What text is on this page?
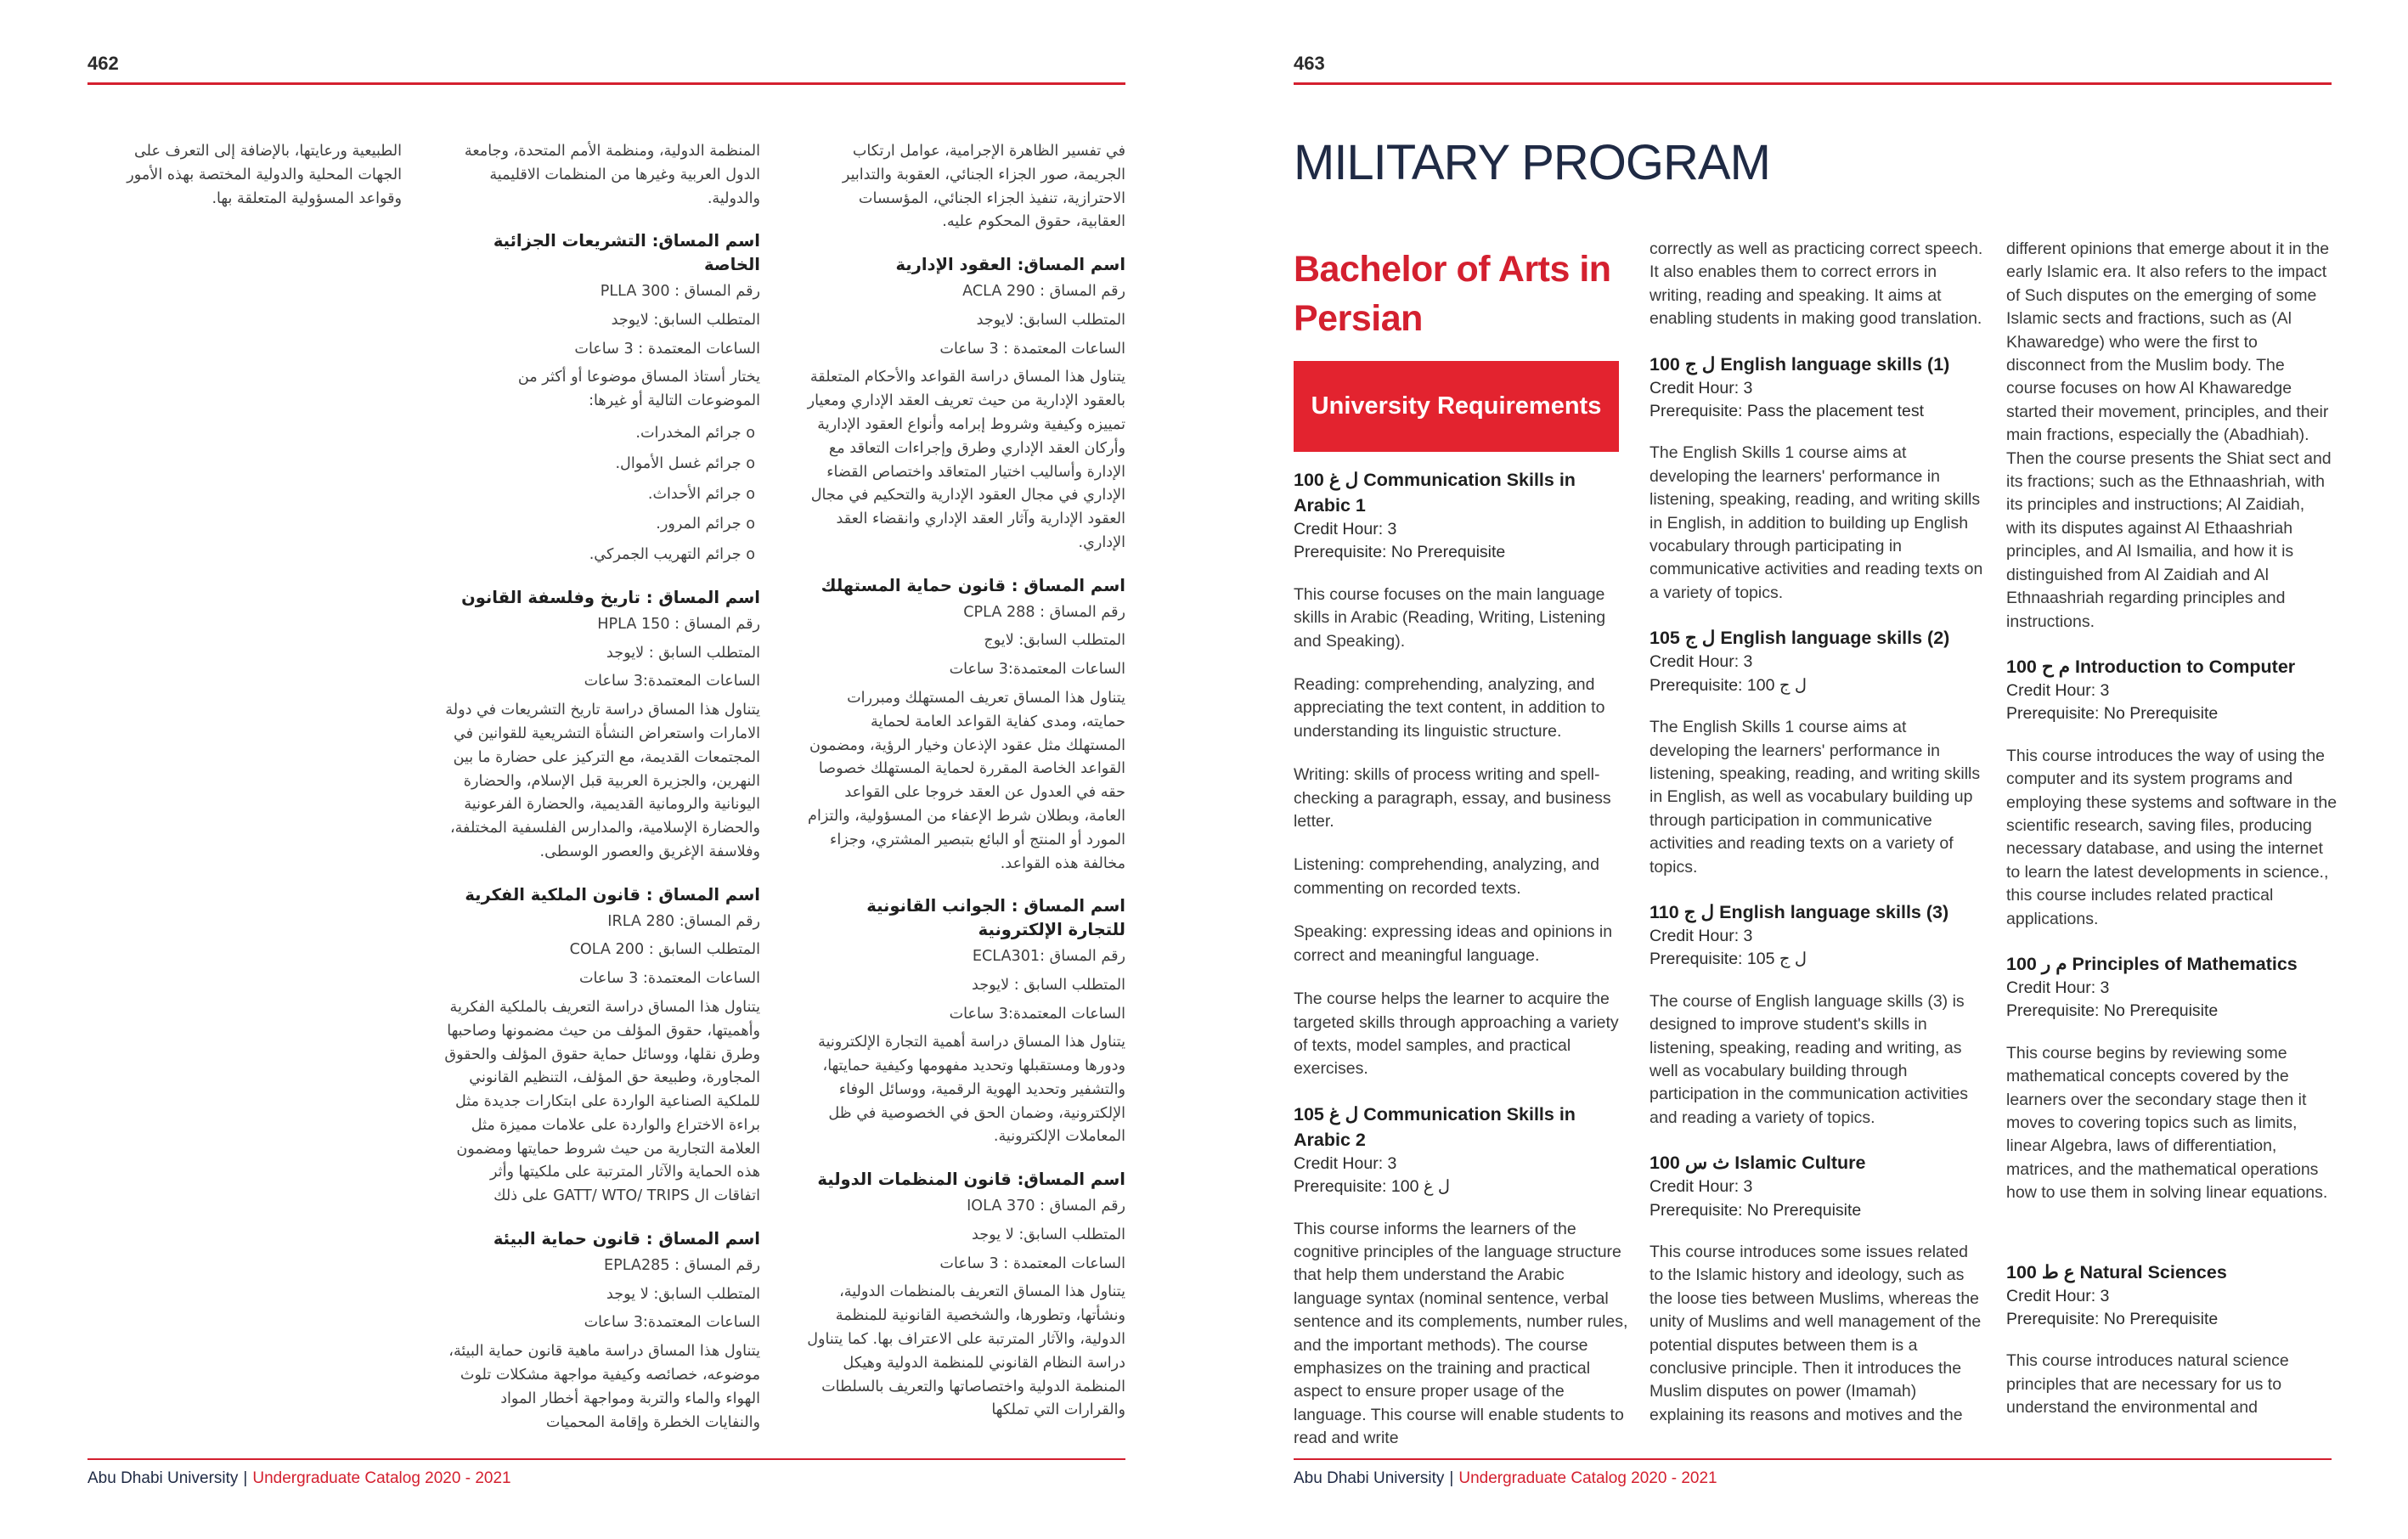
462

في تفسير الظاهرة الإجرامية، عوامل ارتكاب الجريمة، صور الجزاء الجنائي، العقوبة والتدابير الاحترازية، تنفيذ الجزاء الجنائي، المؤسسات العقابية، حقوق المحكوم عليه.

اسم المساق: العقود الإدارية

رقم المساق : ACLA 290

المتطلب السابق: لايوجد

الساعات المعتمدة : 3 ساعات

يتناول هذا المساق دراسة القواعد والأحكام المتعلقة بالعقود الإدارية من حيث تعريف العقد الإداري ومعيار تمييزه وكيفية وشروط إبرامه وأنواع العقود الإدارية وأركان العقد الإداري وطرق وإجراءات التعاقد مع الإدارة وأساليب اختيار المتعاقد واختصاص القضاء الإداري في مجال العقود الإدارية والتحكيم في مجال العقود الإدارية وآثار العقد الإداري وانقضاء العقد الإداري.

اسم المساق : قانون حماية المستهلك

رقم المساق : CPLA 288

المتطلب السابق: لايوج

الساعات المعتمدة:3 ساعات

يتناول هذا المساق تعريف المستهلك ومبررات حمايته، ومدى كفاية القواعد العامة لحماية المستهلك مثل عقود الإذعان وخيار الرؤية، ومضمون القواعد الخاصة المقررة لحماية المستهلك خصوصا حقه في العدول عن العقد خروجا على القواعد العامة، وبطلان شرط الإعفاء من المسؤولية، والتزام المورد أو المنتج أو البائع بتبصير المشتري، وجزاء مخالفة هذه القواعد.

اسم المساق : الجوانب القانونية للتجارة الإلكترونية

رقم المساق :ECLA301

المتطلب السابق : لايوجد

الساعات المعتمدة:3 ساعات

يتناول هذا المساق دراسة أهمية التجارة الإلكترونية ودورها ومستقبلها وتحديد مفهومها وكيفية حمايتها، والتشفير وتحديد الهوية الرقمية، ووسائل الوفاء الإلكترونية، وضمان الحق في الخصوصية في ظل المعاملات الإلكترونية.

اسم المساق: قانون المنظمات الدولية

رقم المساق : IOLA 370

المتطلب السابق: لا يوجد

الساعات المعتمدة : 3 ساعات

يتناول هذا المساق التعريف بالمنظمات الدولية، ونشأتها، وتطورها، والشخصية القانونية للمنظمة الدولية، والآثار المترتبة على الاعتراف بها. كما يتناول دراسة النظام القانوني للمنظمة الدولية وهيكل المنظمة الدولية واختصاصاتها والتعريف بالسلطات والقرارات التي تملكها

المنظمة الدولية، ومنظمة الأمم المتحدة، وجامعة الدول العربية وغيرها من المنظمات الاقليمية والدولية.

اسم المساق: التشريعات الجزائية الخاصة

رقم المساق : PLLA 300

المتطلب السابق: لايوجد

الساعات المعتمدة : 3 ساعات

يختار أستاذ المساق موضوعا أو أكثر من الموضوعات التالية أو غيرها:

o جرائم المخدرات.

o جرائم غسل الأموال.

o جرائم الأحداث.

o جرائم المرور.

o جرائم التهريب الجمركي.

اسم المساق : تاريخ وفلسفة القانون

رقم المساق : HPLA 150

المتطلب السابق : لايوجد

الساعات المعتمدة:3 ساعات

يتناول هذا المساق دراسة تاريخ التشريعات في دولة الامارات واستعراض النشأة التشريعية للقوانين في المجتمعات القديمة، مع التركيز على حضارة ما بين النهرين، والجزيرة العربية قبل الإسلام، والحضارة اليونانية والرومانية القديمية، والحضارة الفرعونية والحضارة الإسلامية، والمدارس الفلسفية المختلفة، وفلاسفة الإغريق والعصور الوسطى.

اسم المساق : قانون الملكية الفكرية

رقم المساق: IRLA 280

المتطلب السابق : COLA 200

الساعات المعتمدة: 3 ساعات

يتناول هذا المساق دراسة التعريف بالملكية الفكرية وأهميتها، حقوق المؤلف من حيث مضمونها وصاحبها وطرق نقلها، ووسائل حماية حقوق المؤلف والحقوق المجاورة، وطبيعة حق المؤلف، التنظيم القانوني للملكية الصناعية الواردة على ابتكارات جديدة مثل براءة الاختراع والواردة على علامات مميزة مثل العلامة التجارية من حيث شروط حمايتها ومضمون هذه الحماية والآثار المترتبة على ملكيتها وأثر اتفاقات ال GATT/ WTO/ TRIPS على ذلك

اسم المساق : قانون حماية البيئة

رقم المساق : EPLA285

المتطلب السابق: لا يوجد

الساعات المعتمدة:3 ساعات

يتناول هذا المساق دراسة ماهية قانون حماية البيئة، موضوعه، خصائصه وكيفية مواجهة مشكلات تلوث الهواء والماء والتربة ومواجهة أخطار المواد والنفايات الخطرة وإقامة المحميات

الطبيعية ورعايتها، بالإضافة إلى التعرف على الجهات المحلية والدولية المختصة بهذه الأمور وقواعد المسؤولية المتعلقة بها.

Abu Dhabi University | Undergraduate Catalog 2020 - 2021
463
MILITARY PROGRAM
Bachelor of Arts in Persian
University Requirements

100 ل غ Communication Skills in Arabic 1

Credit Hour: 3

Prerequisite: No Prerequisite

This course focuses on the main language skills in Arabic (Reading, Writing, Listening and Speaking).

Reading: comprehending, analyzing, and appreciating the text content, in addition to understanding its linguistic structure.

Writing: skills of process writing and spell-checking a paragraph, essay, and business letter.

Listening: comprehending, analyzing, and commenting on recorded texts.

Speaking: expressing ideas and opinions in correct and meaningful language.

The course helps the learner to acquire the targeted skills through approaching a variety of texts, model samples, and practical exercises.

105 ل غ Communication Skills in Arabic 2

Credit Hour: 3

Prerequisite: 100 ل غ

This course informs the learners of the cognitive principles of the language structure that help them understand the Arabic language syntax (nominal sentence, verbal sentence and its complements, number rules, and the important methods). The course emphasizes on the training and practical aspect to ensure proper usage of the language. This course will enable students to read and write

correctly as well as practicing correct speech. It also enables them to correct errors in writing, reading and speaking. It aims at enabling students in making good translation.

100 ل ج English language skills (1)

Credit Hour: 3

Prerequisite: Pass the placement test

The English Skills 1 course aims at developing the learners' performance in listening, speaking, reading, and writing skills in English, in addition to building up English vocabulary through participating in communicative activities and reading texts on a variety of topics.

105 ل ج English language skills (2)

Credit Hour: 3

Prerequisite: 100 ل ج

The English Skills 1 course aims at developing the learners' performance in listening, speaking, reading, and writing skills in English, as well as vocabulary building up through participation in communicative activities and reading texts on a variety of topics.

110 ل ج English language skills (3)

Credit Hour: 3

Prerequisite: 105 ل ج

The course of English language skills (3) is designed to improve student's skills in listening, speaking, reading and writing, as well as vocabulary building through participation in the communication activities and reading a variety of topics.

100 ث س Islamic Culture

Credit Hour: 3

Prerequisite: No Prerequisite

This course introduces some issues related to the Islamic history and ideology, such as the loose ties between Muslims, whereas the unity of Muslims and well management of the potential disputes between them is a conclusive principle. Then it introduces the Muslim disputes on power (Imamah) explaining its reasons and motives and the

different opinions that emerge about it in the early Islamic era. It also refers to the impact of Such disputes on the emerging of some Islamic sects and fractions, such as (Al Khawaredge) who were the first to disconnect from the Muslim body. The course focuses on how Al Khawaredge started their movement, principles, and their main fractions, especially the (Abadhiah). Then the course presents the Shiat sect and its fractions; such as the Ethnaashriah, with its principles and instructions; Al Zaidiah, with its disputes against Al Ethaashriah principles, and Al Ismailia, and how it is distinguished from Al Zaidiah and Al Ethnaashriah regarding principles and instructions.

100 م ح Introduction to Computer

Credit Hour: 3

Prerequisite: No Prerequisite

This course introduces the way of using the computer and its system programs and employing these systems and software in the scientific research, saving files, producing necessary database, and using the internet to learn the latest developments in science., this course includes related practical applications.

100 م ر Principles of Mathematics

Credit Hour: 3

Prerequisite: No Prerequisite

This course begins by reviewing some mathematical concepts covered by the learners over the secondary stage then it moves to covering topics such as limits, linear Algebra, laws of differentiation, matrices, and the mathematical operations how to use them in solving linear equations.

100 ع ط Natural Sciences

Credit Hour: 3

Prerequisite: No Prerequisite

This course introduces natural science principles that are necessary for us to understand the environmental and

Abu Dhabi University | Undergraduate Catalog 2020 - 2021
